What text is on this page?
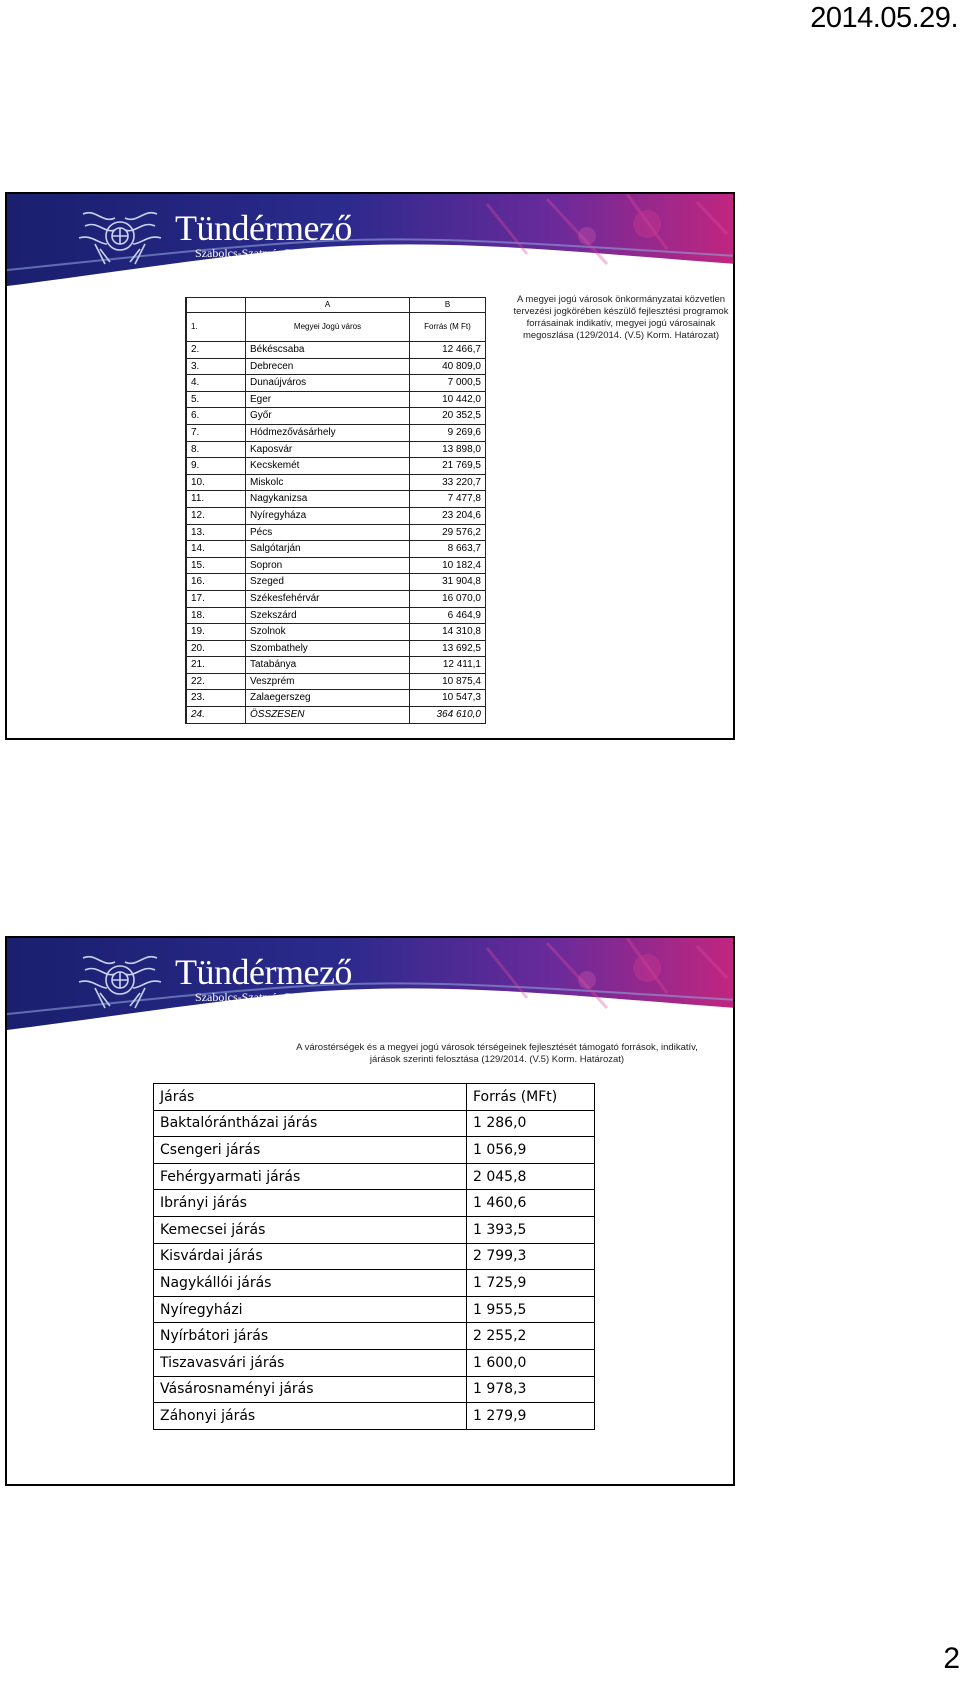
2014.05.29.
Tündérmező
Szabolcs-Szatmár-Bereg
A megyei jogú városok önkormányzatai közvetlen tervezési jogkörében készülő fejlesztési programok forrásainak indikatív, megyei jogú városainak megoszlása (129/2014. (V.5) Korm. Határozat)
	A	B
1.	Megyei Jogú város	Forrás (M Ft)
2.	Békéscsaba	12 466,7
3.	Debrecen	40 809,0
4.	Dunaújváros	7 000,5
5.	Eger	10 442,0
6.	Győr	20 352,5
7.	Hódmezővásárhely	9 269,6
8.	Kaposvár	13 898,0
9.	Kecskemét	21 769,5
10.	Miskolc	33 220,7
11.	Nagykanizsa	7 477,8
12.	Nyíregyháza	23 204,6
13.	Pécs	29 576,2
14.	Salgótarján	8 663,7
15.	Sopron	10 182,4
16.	Szeged	31 904,8
17.	Székesfehérvár	16 070,0
18.	Szekszárd	6 464,9
19.	Szolnok	14 310,8
20.	Szombathely	13 692,5
21.	Tatabánya	12 411,1
22.	Veszprém	10 875,4
23.	Zalaegerszeg	10 547,3
24.	ÖSSZESEN	364 610,0
Tündérmező
Szabolcs-Szatmár-Bereg
A várostérségek és a megyei jogú városok térségeinek fejlesztését támogató források, indikatív,
járások szerinti felosztása (129/2014. (V.5) Korm. Határozat)
Járás	Forrás (MFt)
Baktalórántházai járás	1 286,0
Csengeri járás	1 056,9
Fehérgyarmati járás	2 045,8
Ibrányi járás	1 460,6
Kemecsei járás	1 393,5
Kisvárdai járás	2 799,3
Nagykállói járás	1 725,9
Nyíregyházi	1 955,5
Nyírbátori járás	2 255,2
Tiszavasvári járás	1 600,0
Vásárosnaményi járás	1 978,3
Záhonyi járás	1 279,9
2
